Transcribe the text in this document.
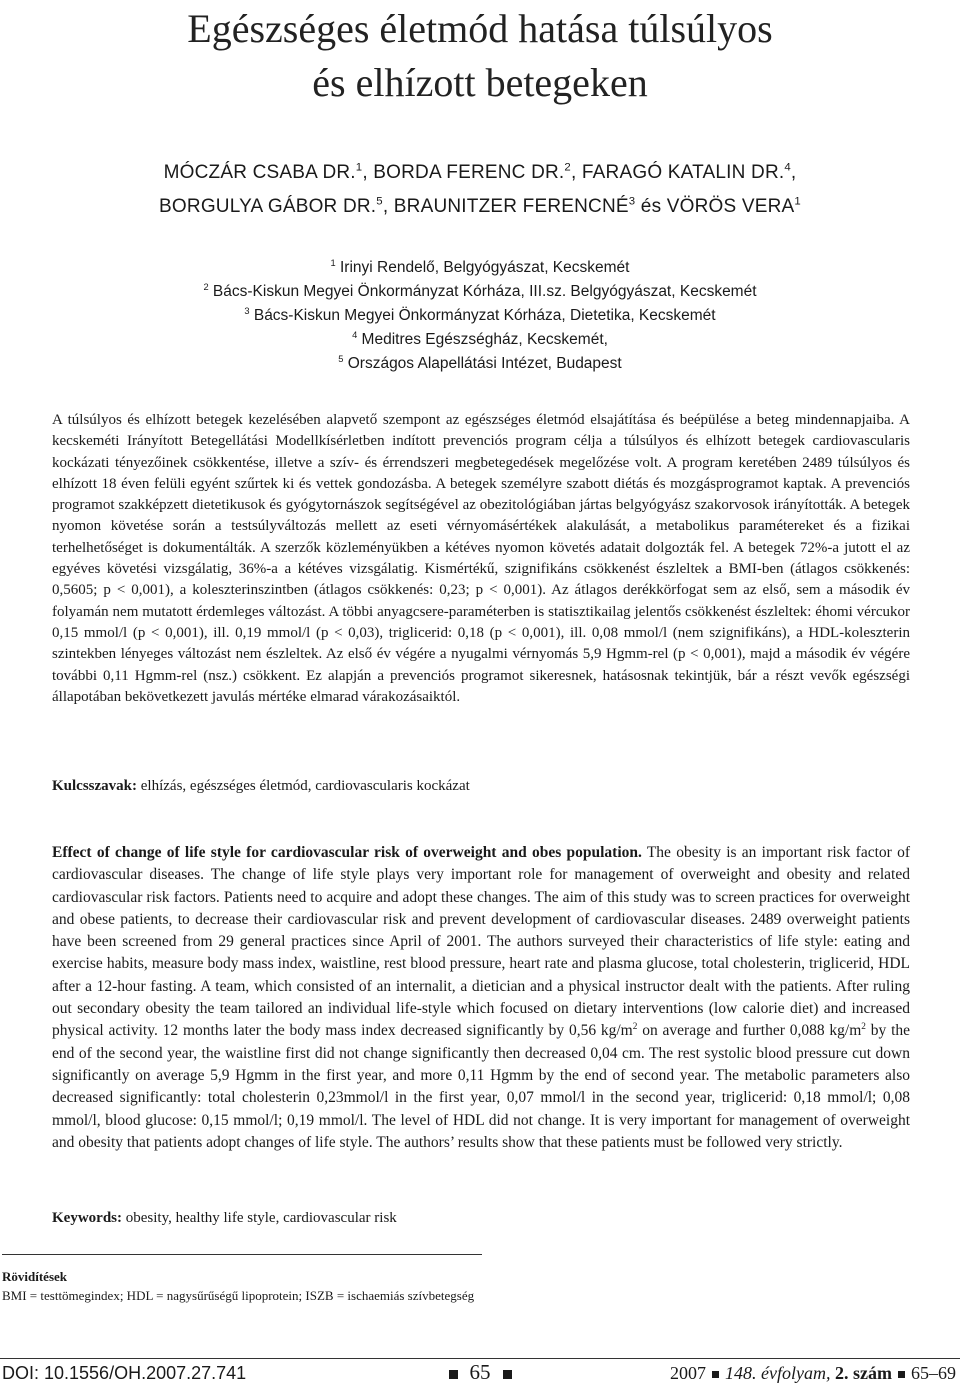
Egészséges életmód hatása túlsúlyos
és elhízott betegeken
MÓCZÁR CSABA DR.$^1$, BORDA FERENC DR.$^2$, FARAGÓ KATALIN DR.$^4$,
BORGULYA GÁBOR DR.$^5$, BRAUNITZER FERENCNÉ$^3$ és VÖRÖS VERA$^1$
$^1$ Irinyi Rendelő, Belgyógyászat, Kecskemét
$^2$ Bács-Kiskun Megyei Önkormányzat Kórháza, III.sz. Belgyógyászat, Kecskemét
$^3$ Bács-Kiskun Megyei Önkormányzat Kórháza, Dietetika, Kecskemét
$^4$ Meditres Egészségház, Kecskemét,
$^5$ Országos Alapellátási Intézet, Budapest

A túlsúlyos és elhízott betegek kezelésében alapvető szempont az egészséges életmód elsajátítása és beépülése a beteg mindennapjaiba. A kecskeméti Irányított Betegellátási Modellkísérletben indított prevenciós program célja a túlsúlyos és elhízott betegek cardiovascularis kockázati tényezőinek csökkentése, illetve a szív- és érrendszeri megbetegedések megelőzése volt. A program keretében 2489 túlsúlyos és elhízott 18 éven felüli egyént szűrtek ki és vettek gondozásba. A betegek személyre szabott diétás és mozgásprogramot kaptak. A prevenciós programot szakképzett dietetikusok és gyógytornászok segítségével az obezitológiában jártas belgyógyász szakorvosok irányították. A betegek nyomon követése során a testsúlyváltozás mellett az eseti vérnyomásértékek alakulását, a metabolikus paramétereket és a fizikai terhelhetőséget is dokumentálták. A szerzők közleményükben a kétéves nyomon követés adatait dolgozták fel. A betegek 72%-a jutott el az egyéves követési vizsgálatig, 36%-a a kétéves vizsgálatig. Kismértékű, szignifikáns csökkenést észleltek a BMI-ben (átlagos csökkenés: 0,5605; p < 0,001), a koleszterinszintben (átlagos csökkenés: 0,23; p < 0,001). Az átlagos derékkörfogat sem az első, sem a második év folyamán nem mutatott érdemleges változást. A többi anyagcsere-paraméterben is statisztikailag jelentős csökkenést észleltek: éhomi vércukor 0,15 mmol/l (p < 0,001), ill. 0,19 mmol/l (p < 0,03), triglicerid: 0,18 (p < 0,001), ill. 0,08 mmol/l (nem szignifikáns), a HDL-koleszterin szintekben lényeges változást nem észleltek. Az első év végére a nyugalmi vérnyomás 5,9 Hgmm-rel (p < 0,001), majd a második év végére további 0,11 Hgmm-rel (nsz.) csökkent. Ez alapján a prevenciós programot sikeresnek, hatásosnak tekintjük, bár a részt vevők egészségi állapotában bekövetkezett javulás mértéke elmarad várakozásaiktól.

Kulcsszavak: elhízás, egészséges életmód, cardiovascularis kockázat

Effect of change of life style for cardiovascular risk of overweight and obes population. The obesity is an important risk factor of cardiovascular diseases. The change of life style plays very important role for management of overweight and obesity and related cardiovascular risk factors. Patients need to acquire and adopt these changes. The aim of this study was to screen practices for overweight and obese patients, to decrease their cardiovascular risk and prevent development of cardiovascular diseases. 2489 overweight patients have been screened from 29 general practices since April of 2001. The authors surveyed their characteristics of life style: eating and exercise habits, measure body mass index, waistline, rest blood pressure, heart rate and plasma glucose, total cholesterin, triglicerid, HDL after a 12-hour fasting. A team, which consisted of an internalit, a dietician and a physical instructor dealt with the patients. After ruling out secondary obesity the team tailored an individual life-style which focused on dietary interventions (low calorie diet) and increased physical activity. 12 months later the body mass index decreased significantly by 0,56 $kg/m^2$ on average and further 0,088 $kg/m^2$ by the end of the second year, the waistline first did not change significantly then decreased 0,04 cm. The rest systolic blood pressure cut down significantly on average 5,9 Hgmm in the first year, and more 0,11 Hgmm by the end of second year. The metabolic parameters also decreased significantly: total cholesterin 0,23mmol/l in the first year, 0,07 mmol/l in the second year, triglicerid: 0,18 mmol/l; 0,08 mmol/l, blood glucose: 0,15 mmol/l; 0,19 mmol/l. The level of HDL did not change. It is very important for management of overweight and obesity that patients adopt changes of life style. The authors’ results show that these patients must be followed very strictly.

Keywords: obesity, healthy life style, cardiovascular risk
Rövidítések
BMI = testtömegindex; HDL = nagysűrűségű lipoprotein; ISZB = ischaemiás szívbetegség
DOI: 10.1556/OH.2007.27.741	65	2007 148. évfolyam, 2. szám 65–69
